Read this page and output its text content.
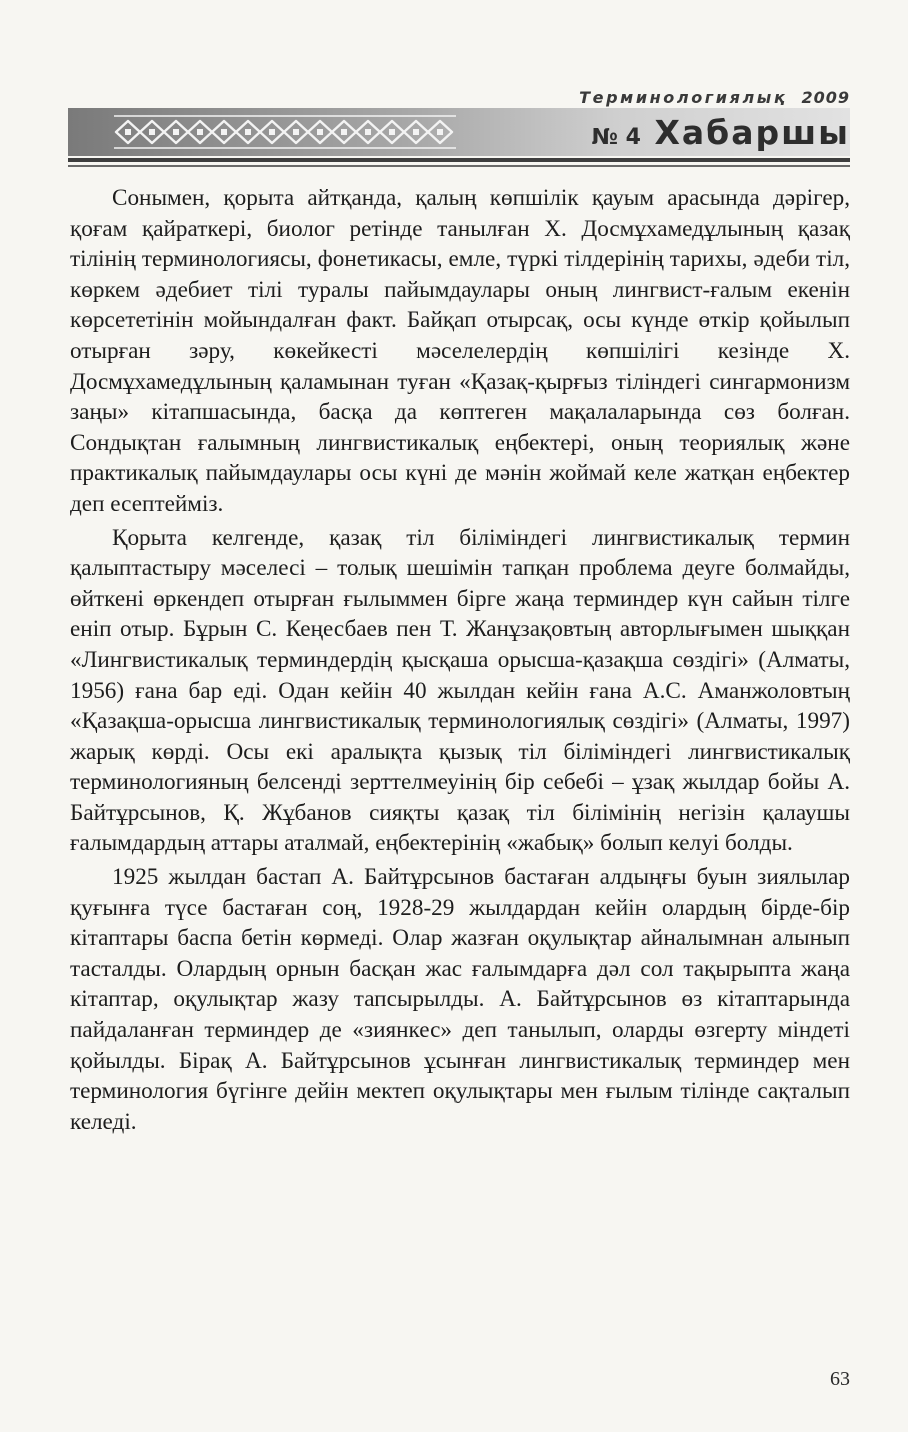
Терминологиялық 2009
№ 4 Хабаршы

Сонымен, қорыта айтқанда, қалың көпшілік қауым арасында дәрігер, қоғам қайраткері, биолог ретінде танылған Х. Досмұхамедұлының қазақ тілінің терминологиясы, фонетикасы, емле, түркі тілдерінің тарихы, әдеби тіл, көркем әдебиет тілі туралы пайымдаулары оның лингвист-ғалым екенін көрсететінін мойындалған факт. Байқап отырсақ, осы күнде өткір қойылып отырған зәру, көкейкесті мәселелердің көпшілігі кезінде Х. Досмұхамедұлының қаламынан туған «Қазақ-қырғыз тіліндегі сингармонизм заңы» кітапшасында, басқа да көптеген мақалаларында сөз болған. Сондықтан ғалымның лингвистикалық еңбектері, оның теориялық және практикалық пайымдаулары осы күні де мәнін жоймай келе жатқан еңбектер деп есептейміз.

Қорыта келгенде, қазақ тіл біліміндегі лингвистикалық термин қалыптастыру мәселесі – толық шешімін тапқан проблема деуге болмайды, өйткені өркендеп отырған ғылыммен бірге жаңа терминдер күн сайын тілге еніп отыр. Бұрын С. Кеңесбаев пен Т. Жанұзақовтың авторлығымен шыққан «Лингвистикалық терминдердің қысқаша орысша-қазақша сөздігі» (Алматы, 1956) ғана бар еді. Одан кейін 40 жылдан кейін ғана А.С. Аманжоловтың «Қазақша-орысша лингвистикалық терминологиялық сөздігі» (Алматы, 1997) жарық көрді. Осы екі аралықта қызық тіл біліміндегі лингвистикалық терминологияның белсенді зерттелмеуінің бір себебі – ұзақ жылдар бойы А. Байтұрсынов, Қ. Жұбанов сияқты қазақ тіл білімінің негізін қалаушы ғалымдардың аттары аталмай, еңбектерінің «жабық» болып келуі болды.

1925 жылдан бастап А. Байтұрсынов бастаған алдыңғы буын зиялылар қуғынға түсе бастаған соң, 1928-29 жылдардан кейін олардың бірде-бір кітаптары баспа бетін көрмеді. Олар жазған оқулықтар айналымнан алынып тасталды. Олардың орнын басқан жас ғалымдарға дәл сол тақырыпта жаңа кітаптар, оқулықтар жазу тапсырылды. А. Байтұрсынов өз кітаптарында пайдаланған терминдер де «зиянкес» деп танылып, оларды өзгерту міндеті қойылды. Бірақ А. Байтұрсынов ұсынған лингвистикалық терминдер мен терминология бүгінге дейін мектеп оқулықтары мен ғылым тілінде сақталып келеді.

63
